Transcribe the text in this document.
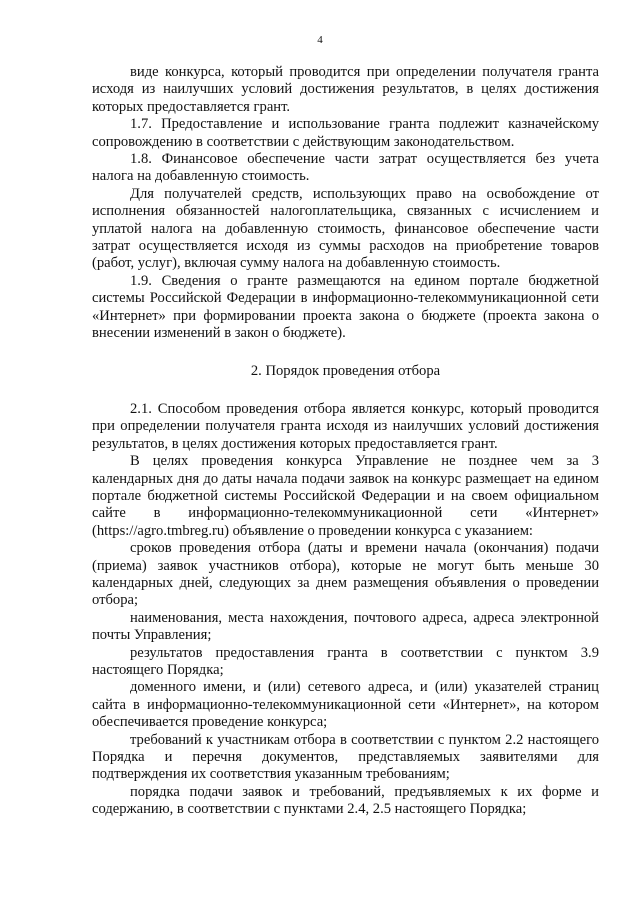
4

виде конкурса, который проводится при определении получателя гранта исходя из наилучших условий достижения результатов, в целях достижения которых предоставляется грант.

1.7. Предоставление и использование гранта подлежит казначейскому сопровождению в соответствии с действующим законодательством.

1.8. Финансовое обеспечение части затрат осуществляется без учета налога на добавленную стоимость.

Для получателей средств, использующих право на освобождение от исполнения обязанностей налогоплательщика, связанных с исчислением и уплатой налога на добавленную стоимость, финансовое обеспечение части затрат осуществляется исходя из суммы расходов на приобретение товаров (работ, услуг), включая сумму налога на добавленную стоимость.

1.9. Сведения о гранте размещаются на едином портале бюджетной системы Российской Федерации в информационно-телекоммуникационной сети «Интернет» при формировании проекта закона о бюджете (проекта закона о внесении изменений в закон о бюджете).

2. Порядок проведения отбора

2.1. Способом проведения отбора является конкурс, который проводится при определении получателя гранта исходя из наилучших условий достижения результатов, в целях достижения которых предоставляется грант.

В целях проведения конкурса Управление не позднее чем за 3 календарных дня до даты начала подачи заявок на конкурс размещает на едином портале бюджетной системы Российской Федерации и на своем официальном сайте в информационно-телекоммуникационной сети «Интернет» (https://agro.tmbreg.ru) объявление о проведении конкурса с указанием:

сроков проведения отбора (даты и времени начала (окончания) подачи (приема) заявок участников отбора), которые не могут быть меньше 30 календарных дней, следующих за днем размещения объявления о проведении отбора;

наименования, места нахождения, почтового адреса, адреса электронной почты Управления;

результатов предоставления гранта в соответствии с пунктом 3.9 настоящего Порядка;

доменного имени, и (или) сетевого адреса, и (или) указателей страниц сайта в информационно-телекоммуникационной сети «Интернет», на котором обеспечивается проведение конкурса;

требований к участникам отбора в соответствии с пунктом 2.2 настоящего Порядка и перечня документов, представляемых заявителями для подтверждения их соответствия указанным требованиям;

порядка подачи заявок и требований, предъявляемых к их форме и содержанию, в соответствии с пунктами 2.4, 2.5 настоящего Порядка;
